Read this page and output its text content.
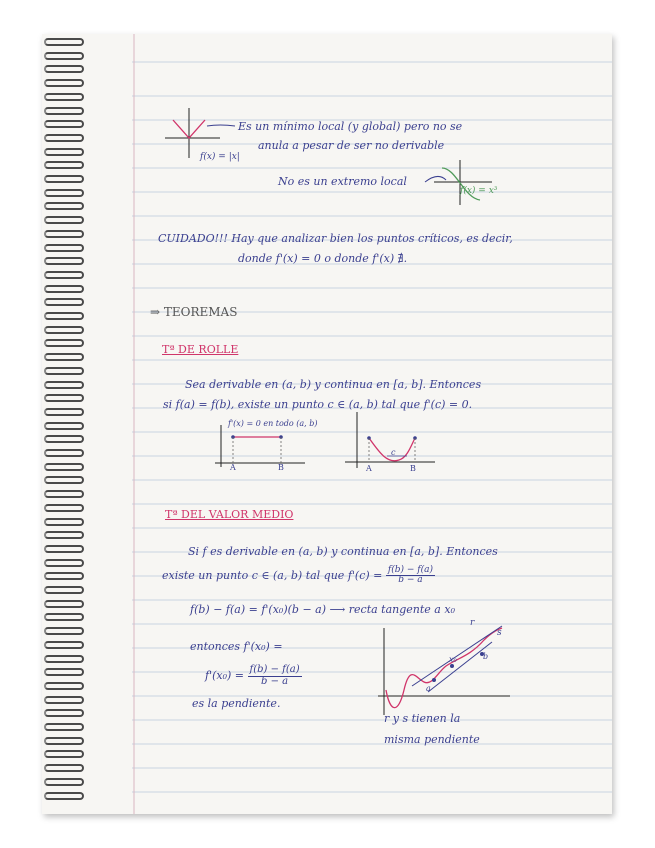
Es un mínimo local (y global) pero no se
anula a pesar de ser no derivable
f(x) = |x|
No es un extremo local
f(x) = x³
CUIDADO!!! Hay que analizar bien los puntos críticos, es decir,
donde f'(x) = 0 o donde f'(x) ∄.
⇒ TEOREMAS
Tª DE ROLLE
Sea derivable en (a, b) y continua en [a, b]. Entonces
si f(a) = f(b), existe un punto c ∈ (a, b) tal que f'(c) = 0.
f'(x) = 0 en todo (a, b)
A	B	A	B
c
Tª DEL VALOR MEDIO
Si f es derivable en (a, b) y continua en [a, b]. Entonces
existe un punto c ∈ (a, b) tal que $f'(c) = \frac{f(b) - f(a)}{b - a}$
f(b) − f(a) = f'(x₀)(b − a) ⟶ recta tangente a x₀
entonces f'(x₀) =
$f'(x_0) = \frac{f(b) - f(a)}{b - a}$
es la pendiente.
r
s
a
b
x₀
r y s tienen la
misma pendiente
